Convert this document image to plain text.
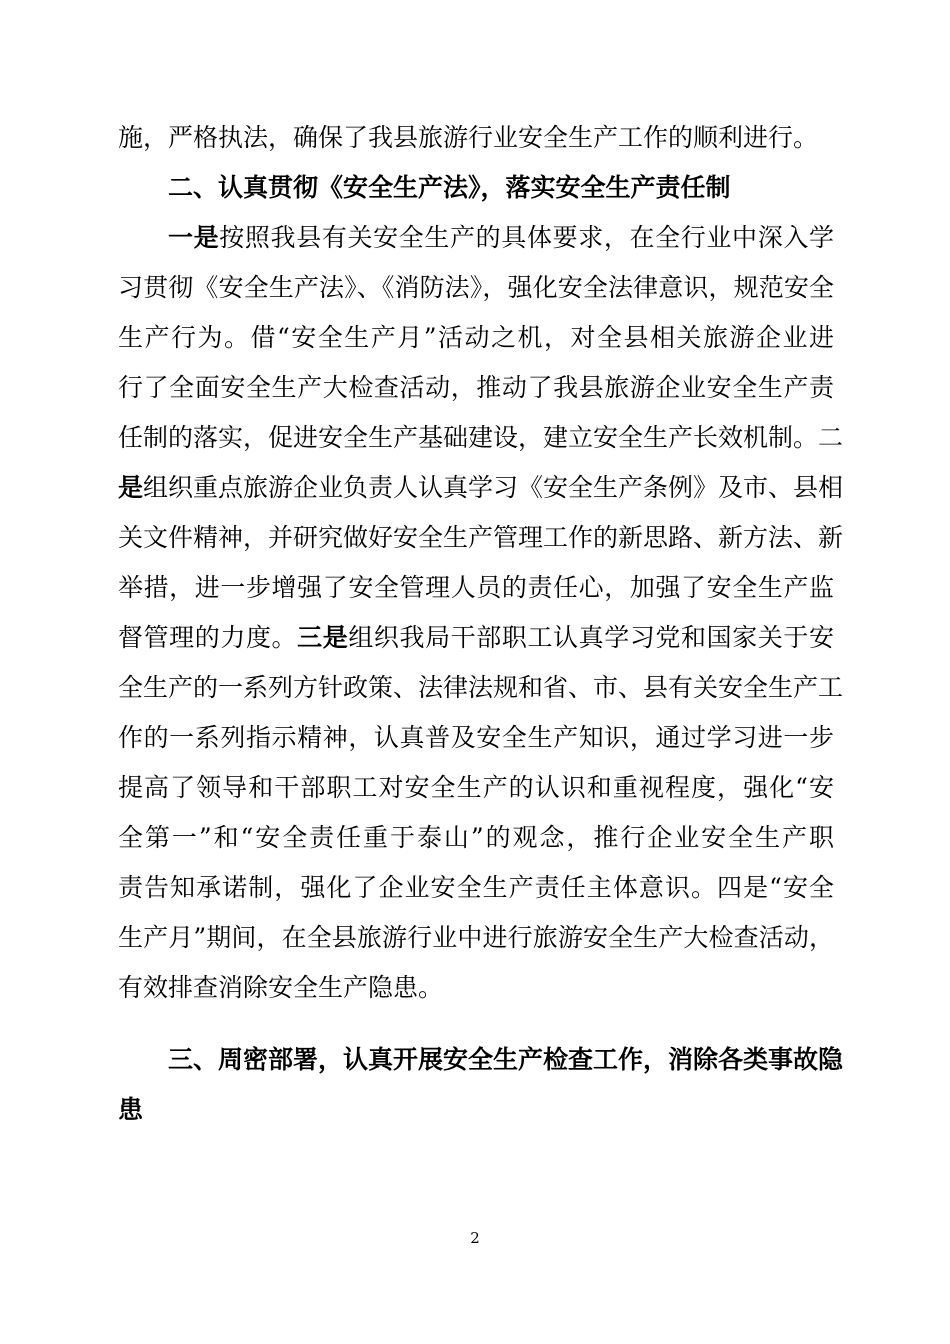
施，严格执法，确保了我县旅游行业安全生产工作的顺利进行。
二、认真贯彻《安全生产法》，落实安全生产责任制
一是按照我县有关安全生产的具体要求，在全行业中深入学
习贯彻《安全生产法》、《消防法》，强化安全法律意识，规范安全
生产行为。借“安全生产月”活动之机，对全县相关旅游企业进
行了全面安全生产大检查活动，推动了我县旅游企业安全生产责
任制的落实，促进安全生产基础建设，建立安全生产长效机制。二
是组织重点旅游企业负责人认真学习《安全生产条例》及市、县相
关文件精神，并研究做好安全生产管理工作的新思路、新方法、新
举措，进一步增强了安全管理人员的责任心，加强了安全生产监
督管理的力度。三是组织我局干部职工认真学习党和国家关于安
全生产的一系列方针政策、法律法规和省、市、县有关安全生产工
作的一系列指示精神，认真普及安全生产知识，通过学习进一步
提高了领导和干部职工对安全生产的认识和重视程度，强化“安
全第一”和“安全责任重于泰山”的观念，推行企业安全生产职
责告知承诺制，强化了企业安全生产责任主体意识。四是“安全
生产月”期间，在全县旅游行业中进行旅游安全生产大检查活动，
有效排查消除安全生产隐患。
三、周密部署，认真开展安全生产检查工作，消除各类事故隐
患
2
